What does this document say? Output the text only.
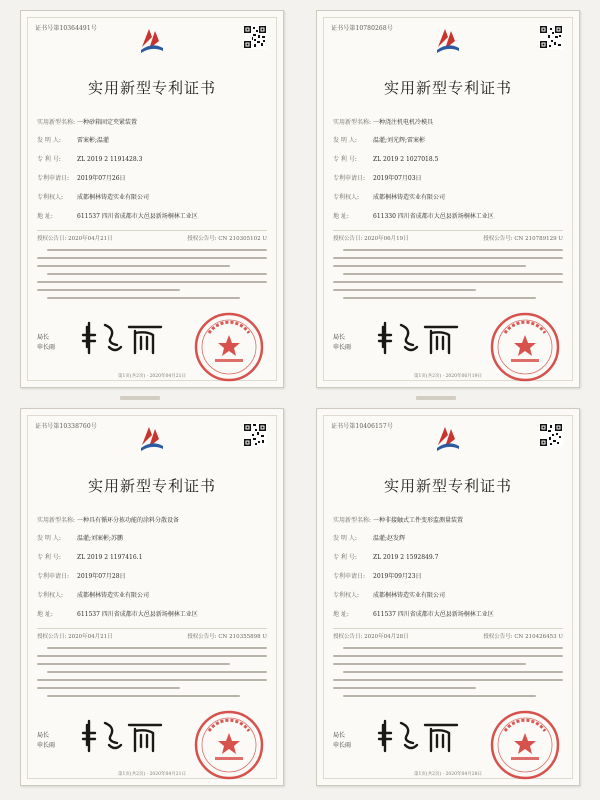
证书号第10364491号
实用新型专利证书
实用新型名称: 一种砂箱固定夹紧装置
发 明 人:	雷案彬;温灌
专 利 号:	ZL 2019 2 1191428.3
专利申请日: 2019年07月26日
专利权人: 成都桐林铸造实业有限公司
地 址:	611537 四川省成都市大邑县新场桐林工业区
授权公告日: 2020年04月21日	授权公告号: CN 210305102 U
局长
申长雨
第1页(共2页) · 2020年04月21日
证书号第10780268号
实用新型专利证书
实用新型名称: 一种浇注机电机冷模具
发 明 人:	温灌;刘光辉;雷案彬
专 利 号:	ZL 2019 2 1027018.5
专利申请日: 2019年07月03日
专利权人: 成都桐林铸造实业有限公司
地 址:	611330 四川省成都市大邑县新场桐林工业区
授权公告日: 2020年06月19日	授权公告号: CN 210789129 U
局长
申长雨
第1页(共2页) · 2020年06月19日
证书号第10338760号
实用新型专利证书
实用新型名称: 一种具有循环分拣功能的涂料分散设备
发 明 人:	温灌;刘案彬;苏鹏
专 利 号:	ZL 2019 2 1197416.1
专利申请日: 2019年07月28日
专利权人: 成都桐林铸造实业有限公司
地 址:	611537 四川省成都市大邑县新场桐林工业区
授权公告日: 2020年04月21日	授权公告号: CN 210355898 U
局长
申长雨
第1页(共2页) · 2020年04月21日
证书号第10406157号
实用新型专利证书
实用新型名称: 一种非接触式工件变形监测量装置
发 明 人:	温灌;赵发辉
专 利 号:	ZL 2019 2 1592849.7
专利申请日: 2019年09月23日
专利权人: 成都桐林铸造实业有限公司
地 址:	611537 四川省成都市大邑县新场桐林工业区
授权公告日: 2020年04月28日	授权公告号: CN 210426453 U
局长
申长雨
第1页(共2页) · 2020年04月28日
